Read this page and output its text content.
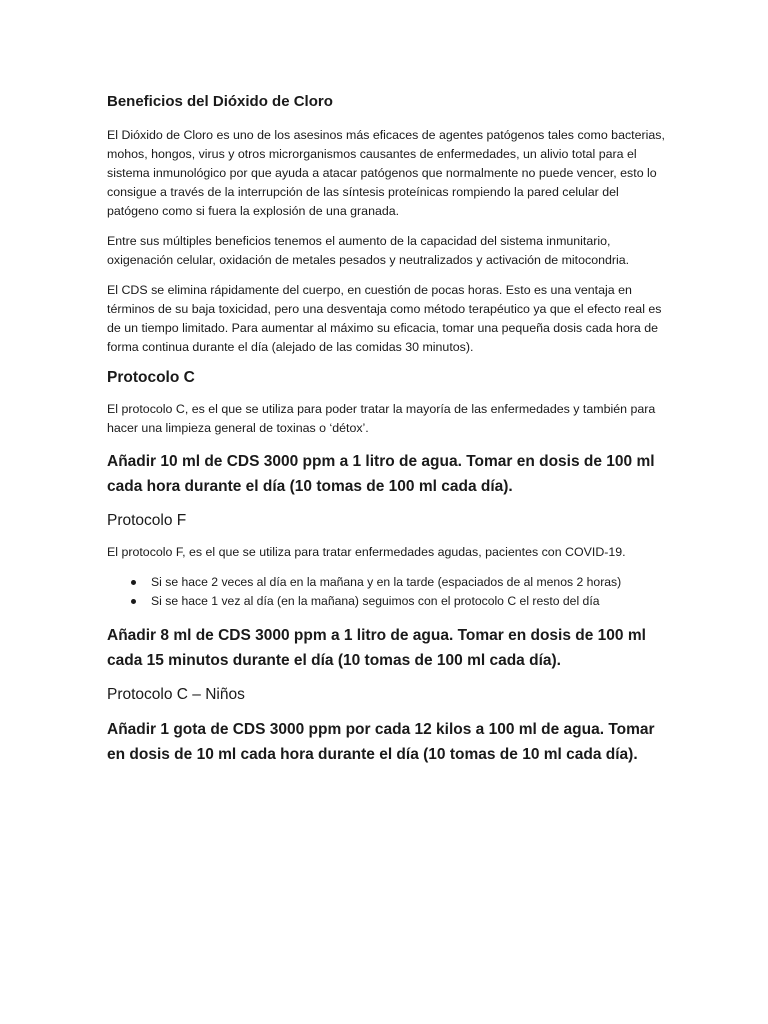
Beneficios del Dióxido de Cloro

El Dióxido de Cloro es uno de los asesinos más eficaces de agentes patógenos tales como bacterias, mohos, hongos, virus y otros microrganismos causantes de enfermedades, un alivio total para el sistema inmunológico por que ayuda a atacar patógenos que normalmente no puede vencer, esto lo consigue a través de la interrupción de las síntesis proteínicas rompiendo la pared celular del patógeno como si fuera la explosión de una granada.

Entre sus múltiples beneficios tenemos el aumento de la capacidad del sistema inmunitario, oxigenación celular, oxidación de metales pesados y neutralizados y activación de mitocondria.

El CDS se elimina rápidamente del cuerpo, en cuestión de pocas horas. Esto es una ventaja en términos de su baja toxicidad, pero una desventaja como método terapéutico ya que el efecto real es de un tiempo limitado. Para aumentar al máximo su eficacia, tomar una pequeña dosis cada hora de forma continua durante el día (alejado de las comidas 30 minutos).

Protocolo C

El protocolo C, es el que se utiliza para poder tratar la mayoría de las enfermedades y también para hacer una limpieza general de toxinas o ‘détox’.

Añadir 10 ml de CDS 3000 ppm a 1 litro de agua. Tomar en dosis de 100 ml cada hora durante el día (10 tomas de 100 ml cada día).

Protocolo F

El protocolo F, es el que se utiliza para tratar enfermedades agudas, pacientes con COVID-19.

Si se hace 2 veces al día en la mañana y en la tarde (espaciados de al menos 2 horas)
Si se hace 1 vez al día (en la mañana) seguimos con el protocolo C el resto del día

Añadir 8 ml de CDS 3000 ppm a 1 litro de agua. Tomar en dosis de 100 ml cada 15 minutos durante el día (10 tomas de 100 ml cada día).

Protocolo C – Niños

Añadir 1 gota de CDS 3000 ppm por cada 12 kilos a 100 ml de agua. Tomar en dosis de 10 ml cada hora durante el día (10 tomas de 10 ml cada día).
